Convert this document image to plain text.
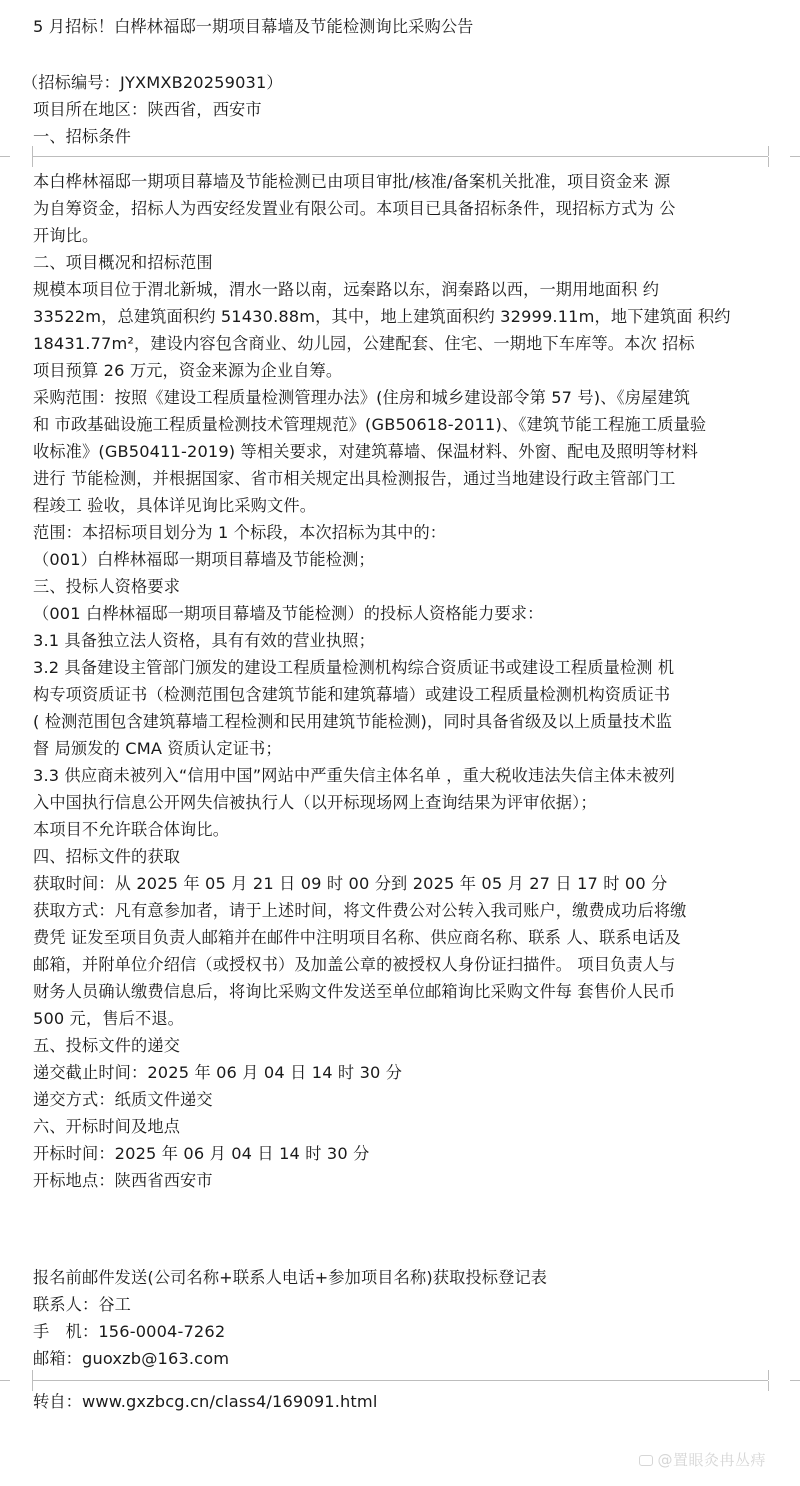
5 月招标！白桦林福邸一期项目幕墙及节能检测询比采购公告
（招标编号：JYXMXB20259031）
项目所在地区：陕西省，西安市
一、招标条件
本白桦林福邸一期项目幕墙及节能检测已由项目审批/核准/备案机关批准，项目资金来 源
为自筹资金，招标人为西安经发置业有限公司。本项目已具备招标条件，现招标方式为 公
开询比。
二、项目概况和招标范围
规模本项目位于渭北新城，渭水一路以南，远秦路以东，润秦路以西，一期用地面积 约
33522m，总建筑面积约 51430.88m，其中，地上建筑面积约 32999.11m，地下建筑面 积约
18431.77m²，建设内容包含商业、幼儿园，公建配套、住宅、一期地下车库等。本次 招标
项目预算 26 万元，资金来源为企业自筹。
采购范围：按照《建设工程质量检测管理办法》(住房和城乡建设部令第 57 号)、《房屋建筑
和 市政基础设施工程质量检测技术管理规范》(GB50618-2011)、《建筑节能工程施工质量验
收标准》(GB50411-2019) 等相关要求，对建筑幕墙、保温材料、外窗、配电及照明等材料
进行 节能检测，并根据国家、省市相关规定出具检测报告，通过当地建设行政主管部门工
程竣工 验收，具体详见询比采购文件。
范围：本招标项目划分为 1 个标段，本次招标为其中的：
（001）白桦林福邸一期项目幕墙及节能检测；
三、投标人资格要求
（001 白桦林福邸一期项目幕墙及节能检测）的投标人资格能力要求：
3.1 具备独立法人资格，具有有效的营业执照；
3.2 具备建设主管部门颁发的建设工程质量检测机构综合资质证书或建设工程质量检测 机
构专项资质证书（检测范围包含建筑节能和建筑幕墙）或建设工程质量检测机构资质证书
( 检测范围包含建筑幕墙工程检测和民用建筑节能检测)，同时具备省级及以上质量技术监
督 局颁发的 CMA 资质认定证书；
3.3 供应商未被列入“信用中国”网站中严重失信主体名单 ，重大税收违法失信主体未被列
入中国执行信息公开网失信被执行人（以开标现场网上查询结果为评审依据）；
本项目不允许联合体询比。
四、招标文件的获取
获取时间：从 2025 年 05 月 21 日 09 时 00 分到 2025 年 05 月 27 日 17 时 00 分
获取方式：凡有意参加者，请于上述时间，将文件费公对公转入我司账户，缴费成功后将缴
费凭 证发至项目负责人邮箱并在邮件中注明项目名称、供应商名称、联系 人、联系电话及
邮箱，并附单位介绍信（或授权书）及加盖公章的被授权人身份证扫描件。 项目负责人与
财务人员确认缴费信息后，将询比采购文件发送至单位邮箱询比采购文件每 套售价人民币
500 元，售后不退。
五、投标文件的递交
递交截止时间：2025 年 06 月 04 日 14 时 30 分
递交方式：纸质文件递交
六、开标时间及地点
开标时间：2025 年 06 月 04 日 14 时 30 分
开标地点：陕西省西安市
报名前邮件发送(公司名称+联系人电话+参加项目名称)获取投标登记表
联系人：谷工
手　机：156-0004-7262
邮箱：guoxzb@163.com
转自：www.gxzbcg.cn/class4/169091.html
@置眼灸冉丛痔
